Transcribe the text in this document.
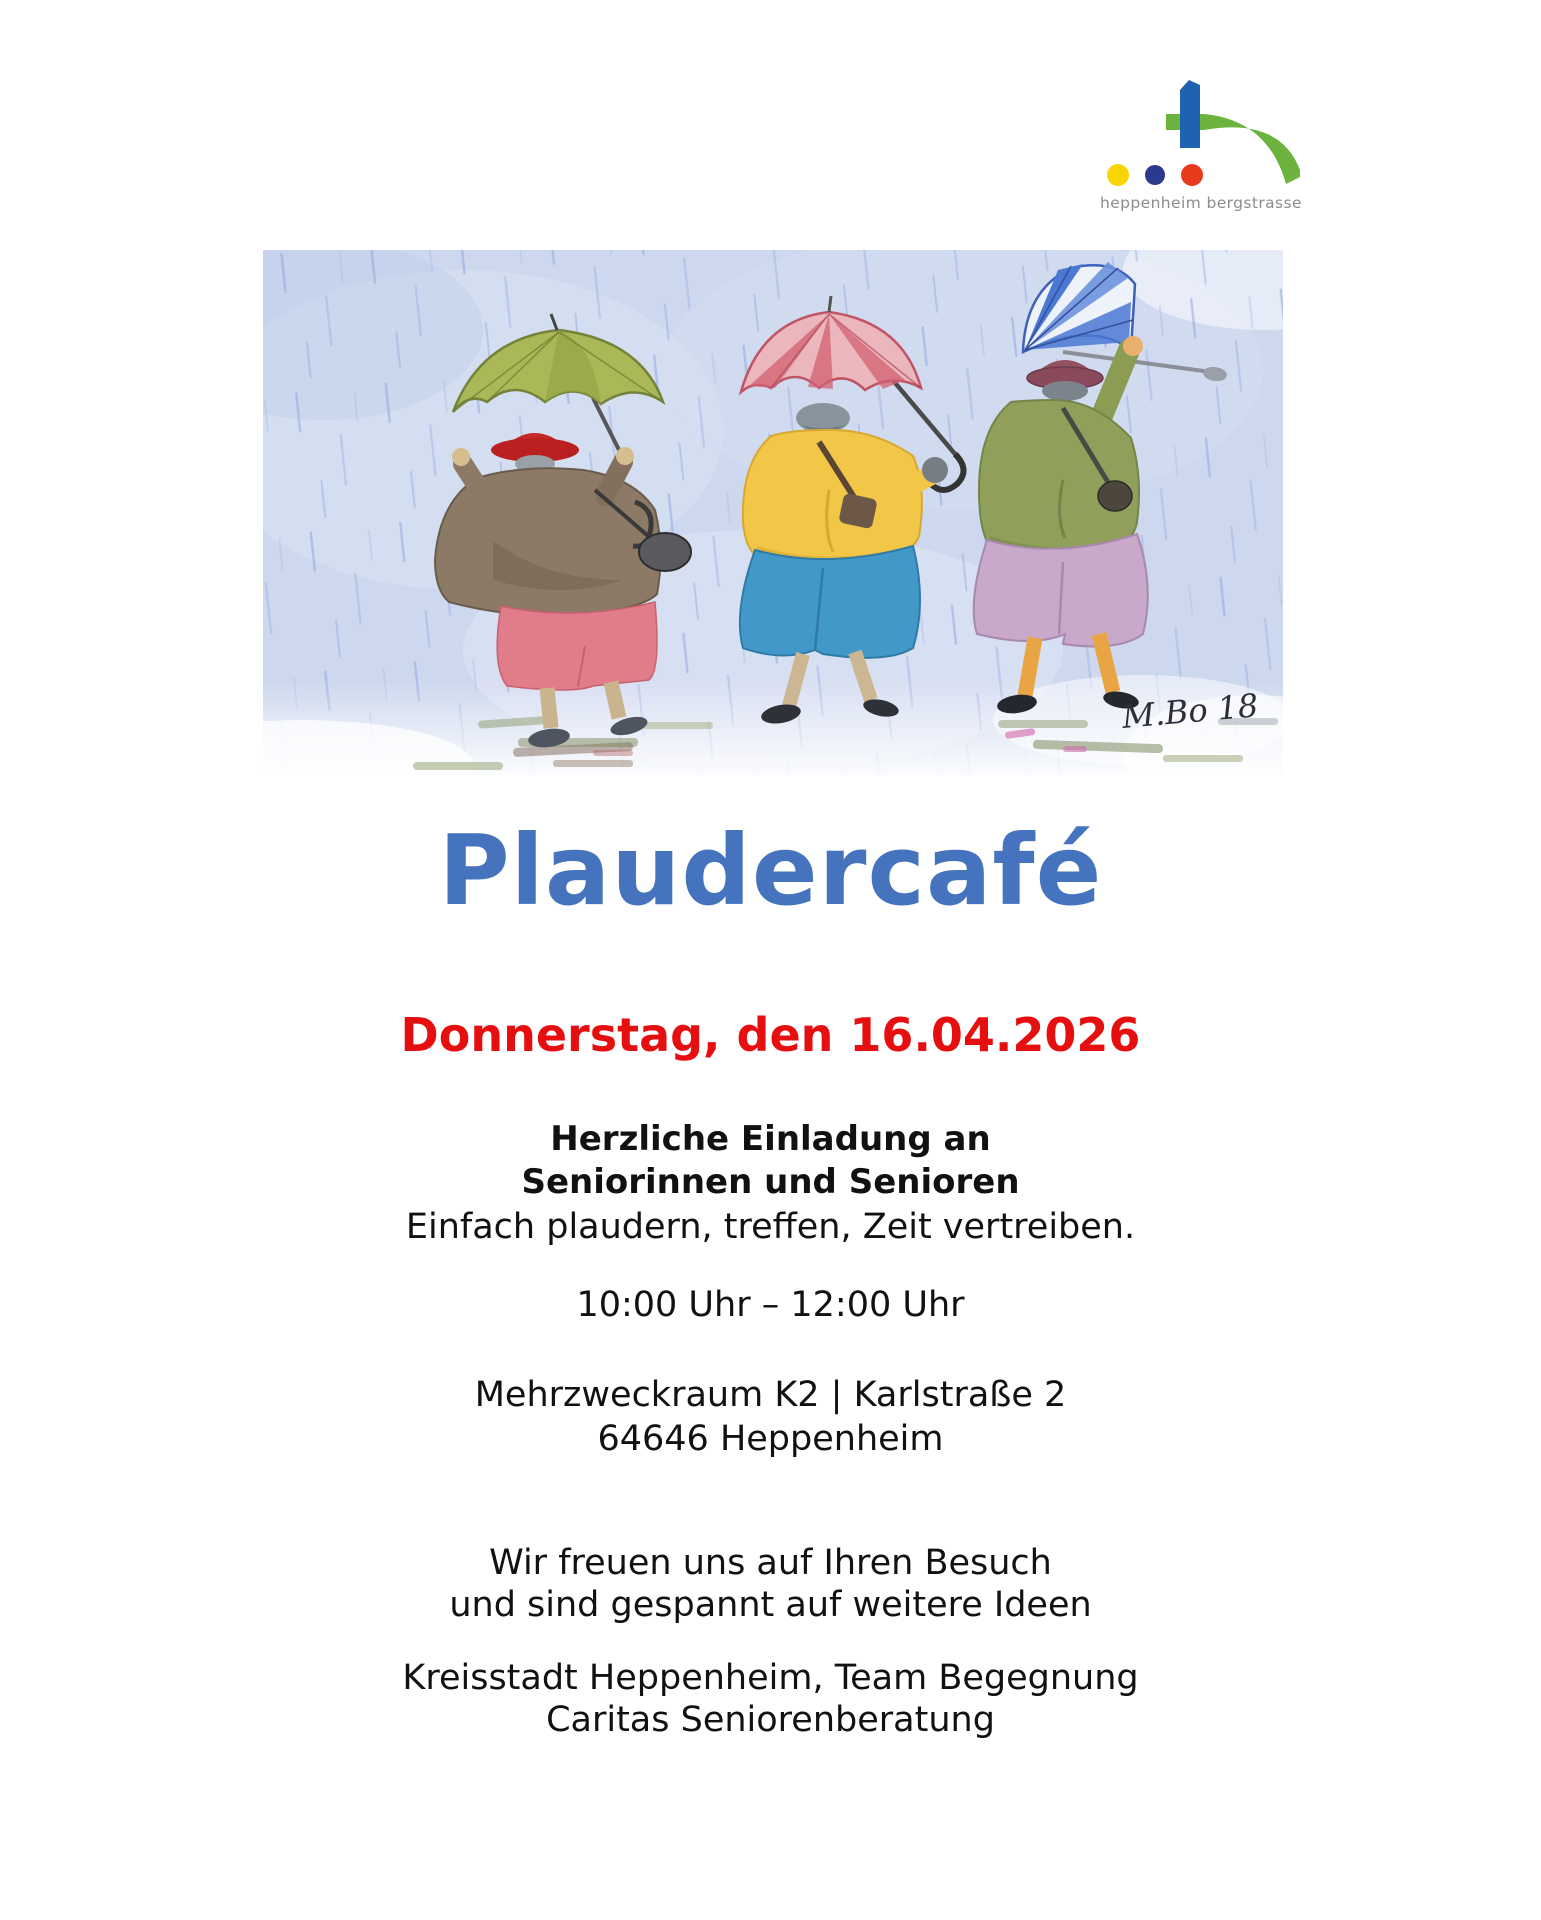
heppenheim bergstrasse
M.Bo 18
Plaudercafé
Donnerstag, den 16.04.2026
Herzliche Einladung an
Seniorinnen und Senioren
Einfach plaudern, treffen, Zeit vertreiben.
10:00 Uhr – 12:00 Uhr
Mehrzweckraum K2 | Karlstraße 2
64646 Heppenheim
Wir freuen uns auf Ihren Besuch
und sind gespannt auf weitere Ideen
Kreisstadt Heppenheim, Team Begegnung
Caritas Seniorenberatung
